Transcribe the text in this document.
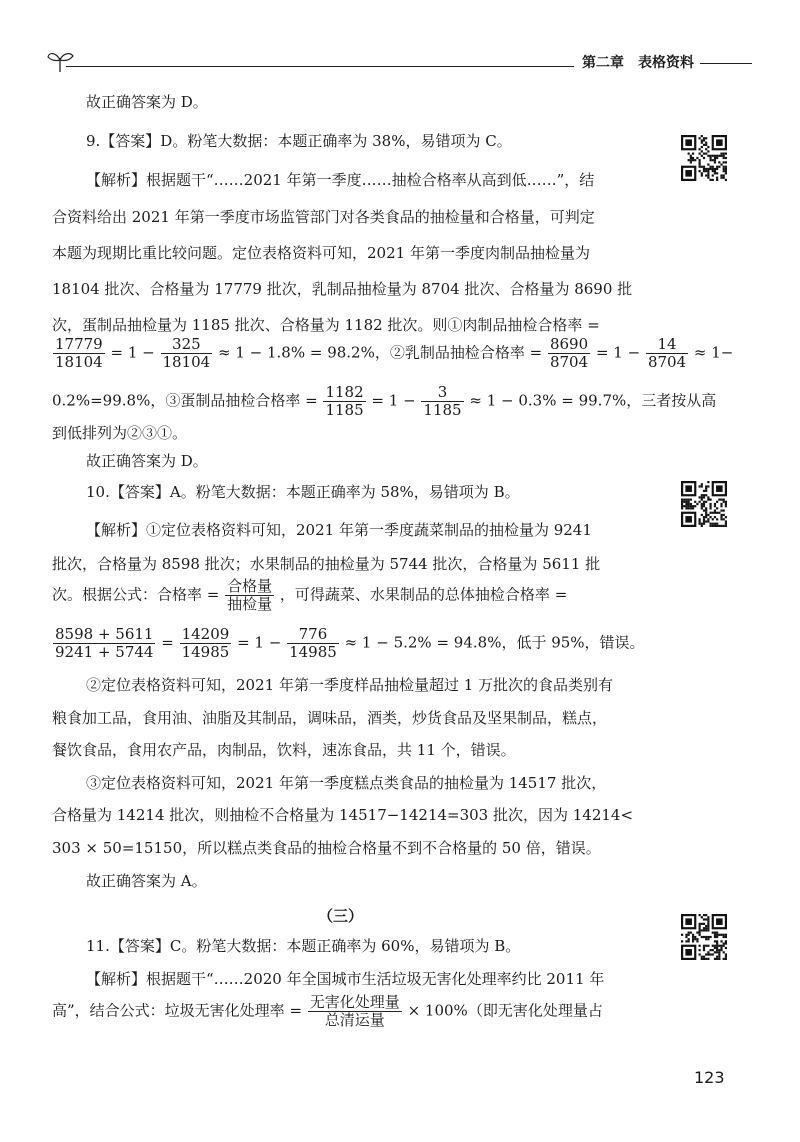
第二章 表格资料
故正确答案为 D。
9.【答案】D。粉笔大数据：本题正确率为 38%，易错项为 C。
【解析】根据题干“……2021 年第一季度……抽检合格率从高到低……”，结
合资料给出 2021 年第一季度市场监管部门对各类食品的抽检量和合格量，可判定
本题为现期比重比较问题。定位表格资料可知，2021 年第一季度肉制品抽检量为
18104 批次、合格量为 17779 批次，乳制品抽检量为 8704 批次、合格量为 8690 批
次，蛋制品抽检量为 1185 批次、合格量为 1182 批次。则①肉制品抽检合格率 =
$\frac{17779}{18104} = 1 - \frac{325}{18104} \approx 1 - 1.8\% = 98.2\%$，②乳制品抽检合格率 = $\frac{8690}{8704} = 1 - \frac{14}{8704} \approx 1-$
0.2%=99.8%，③蛋制品抽检合格率 = $\frac{1182}{1185} = 1 - \frac{3}{1185} \approx 1 - 0.3\% = 99.7\%$，三者按从高
到低排列为②③①。
故正确答案为 D。
10.【答案】A。粉笔大数据：本题正确率为 58%，易错项为 B。
【解析】①定位表格资料可知，2021 年第一季度蔬菜制品的抽检量为 9241
批次，合格量为 8598 批次；水果制品的抽检量为 5744 批次，合格量为 5611 批
次。根据公式：合格率 = $\frac{\text{合格量}}{\text{抽检量}}$ ，可得蔬菜、水果制品的总体抽检合格率 =
$\frac{8598 + 5611}{9241 + 5744} = \frac{14209}{14985} = 1 - \frac{776}{14985} \approx 1 - 5.2\% = 94.8\%$，低于 95%，错误。
②定位表格资料可知，2021 年第一季度样品抽检量超过 1 万批次的食品类别有
粮食加工品，食用油、油脂及其制品，调味品，酒类，炒货食品及坚果制品，糕点，
餐饮食品，食用农产品，肉制品，饮料，速冻食品，共 11 个，错误。
③定位表格资料可知，2021 年第一季度糕点类食品的抽检量为 14517 批次，
合格量为 14214 批次，则抽检不合格量为 14517−14214=303 批次，因为 14214<
303 × 50=15150，所以糕点类食品的抽检合格量不到不合格量的 50 倍，错误。
故正确答案为 A。
（三）
11.【答案】C。粉笔大数据：本题正确率为 60%，易错项为 B。
【解析】根据题干“……2020 年全国城市生活垃圾无害化处理率约比 2011 年
高”，结合公式：垃圾无害化处理率 = $\frac{\text{无害化处理量}}{\text{总清运量}} \times 100\%$（即无害化处理量占
123
